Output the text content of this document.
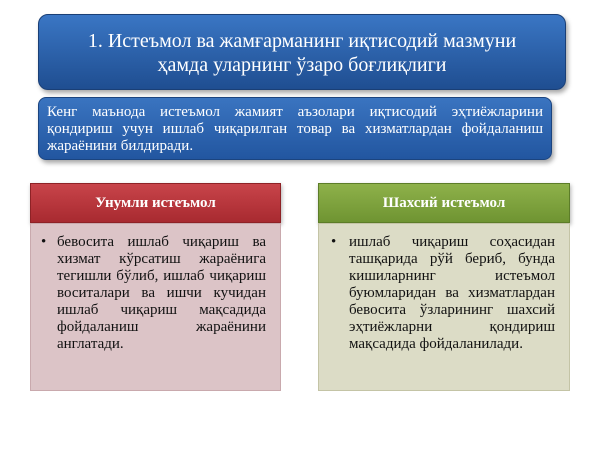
1. Истеъмол ва жамғарманинг иқтисодий мазмуни
ҳамда уларнинг ўзаро боғлиқлиги
Кенг маънода истеъмол жамият аъзолари иқтисодий эҳтиёжларини қондириш учун ишлаб чиқарилган товар ва хизматлардан фойдаланиш жараёнини билдиради.
Унумли истеъмол
• бевосита ишлаб чиқариш ва хизмат кўрсатиш жараёнига тегишли бўлиб, ишлаб чиқариш воситалари ва ишчи кучидан ишлаб чиқариш мақсадида фойдаланиш жараёнини англатади.
Шахсий истеъмол
• ишлаб чиқариш соҳасидан ташқарида рўй бериб, бунда кишиларнинг истеъмол буюмларидан ва хизматлардан бевосита ўзларининг шахсий эҳтиёжларни қондириш мақсадида фойдаланилади.
